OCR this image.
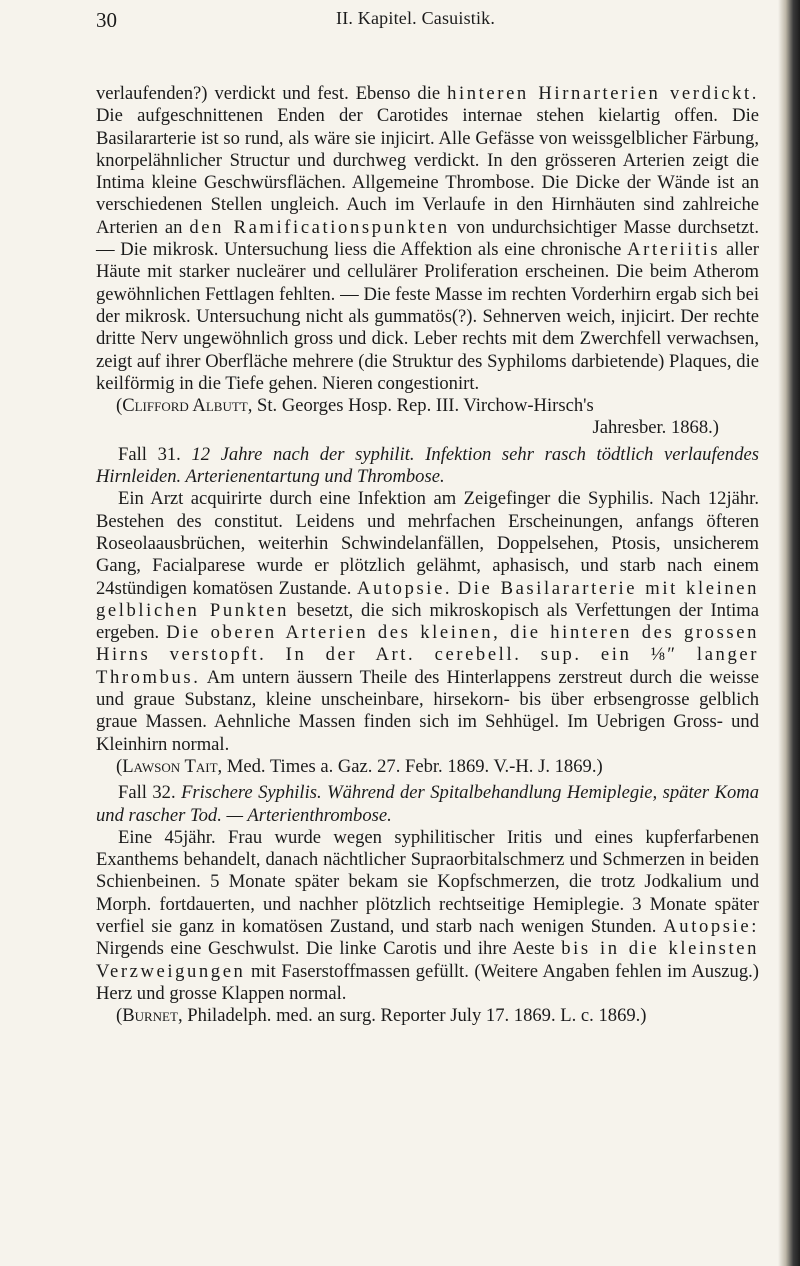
30	II. Kapitel. Casuistik.

verlaufenden?) verdickt und fest. Ebenso die hinteren Hirnarterien verdickt. Die aufgeschnittenen Enden der Carotides internae stehen kielartig offen. Die Basilararterie ist so rund, als wäre sie injicirt. Alle Gefässe von weissgelblicher Färbung, knorpelähnlicher Structur und durchweg verdickt. In den grösseren Arterien zeigt die Intima kleine Geschwürsflächen. Allgemeine Thrombose. Die Dicke der Wände ist an verschiedenen Stellen ungleich. Auch im Verlaufe in den Hirnhäuten sind zahlreiche Arterien an den Ramificationspunkten von undurchsichtiger Masse durchsetzt. — Die mikrosk. Untersuchung liess die Affektion als eine chronische Arteriitis aller Häute mit starker nucleärer und cellulärer Proliferation erscheinen. Die beim Atherom gewöhnlichen Fettlagen fehlten. — Die feste Masse im rechten Vorderhirn ergab sich bei der mikrosk. Untersuchung nicht als gummatös(?). Sehnerven weich, injicirt. Der rechte dritte Nerv ungewöhnlich gross und dick. Leber rechts mit dem Zwerchfell verwachsen, zeigt auf ihrer Oberfläche mehrere (die Struktur des Syphiloms darbietende) Plaques, die keilförmig in die Tiefe gehen. Nieren congestionirt.

(Clifford Albutt, St. Georges Hosp. Rep. III. Virchow-Hirsch's

Jahresber. 1868.)

Fall 31. 12 Jahre nach der syphilit. Infektion sehr rasch tödtlich verlaufendes Hirnleiden. Arterienentartung und Thrombose.

Ein Arzt acquirirte durch eine Infektion am Zeigefinger die Syphilis. Nach 12jähr. Bestehen des constitut. Leidens und mehrfachen Erscheinungen, anfangs öfteren Roseolaausbrüchen, weiterhin Schwindelanfällen, Doppelsehen, Ptosis, unsicherem Gang, Facialparese wurde er plötzlich gelähmt, aphasisch, und starb nach einem 24stündigen komatösen Zustande. Autopsie. Die Basilararterie mit kleinen gelblichen Punkten besetzt, die sich mikroskopisch als Verfettungen der Intima ergeben. Die oberen Arterien des kleinen, die hinteren des grossen Hirns verstopft. In der Art. cerebell. sup. ein ⅛″ langer Thrombus. Am untern äussern Theile des Hinterlappens zerstreut durch die weisse und graue Substanz, kleine unscheinbare, hirsekorn- bis über erbsengrosse gelblich graue Massen. Aehnliche Massen finden sich im Sehhügel. Im Uebrigen Gross- und Kleinhirn normal.

(Lawson Tait, Med. Times a. Gaz. 27. Febr. 1869. V.-H. J. 1869.)

Fall 32. Frischere Syphilis. Während der Spitalbehandlung Hemiplegie, später Koma und rascher Tod. — Arterienthrombose.

Eine 45jähr. Frau wurde wegen syphilitischer Iritis und eines kupferfarbenen Exanthems behandelt, danach nächtlicher Supraorbitalschmerz und Schmerzen in beiden Schienbeinen. 5 Monate später bekam sie Kopfschmerzen, die trotz Jodkalium und Morph. fortdauerten, und nachher plötzlich rechtseitige Hemiplegie. 3 Monate später verfiel sie ganz in komatösen Zustand, und starb nach wenigen Stunden. Autopsie: Nirgends eine Geschwulst. Die linke Carotis und ihre Aeste bis in die kleinsten Verzweigungen mit Faserstoffmassen gefüllt. (Weitere Angaben fehlen im Auszug.) Herz und grosse Klappen normal.

(Burnet, Philadelph. med. an surg. Reporter July 17. 1869. L. c. 1869.)
